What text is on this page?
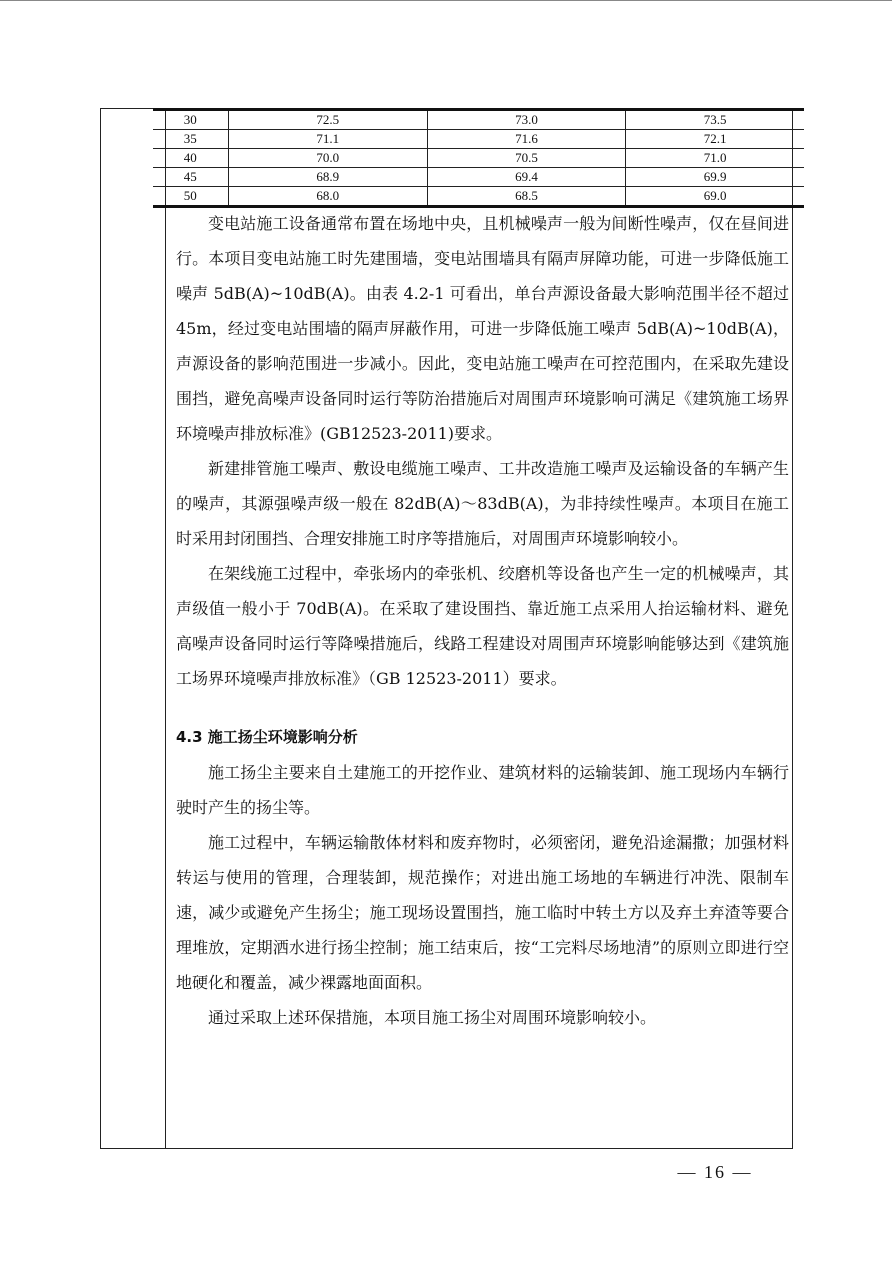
30	72.5	73.0	73.5
35	71.1	71.6	72.1
40	70.0	70.5	71.0
45	68.9	69.4	69.9
50	68.0	68.5	69.0

变电站施工设备通常布置在场地中央，且机械噪声一般为间断性噪声，仅在昼间进行。本项目变电站施工时先建围墙，变电站围墙具有隔声屏障功能，可进一步降低施工噪声 5dB(A)~10dB(A)。由表 4.2-1 可看出，单台声源设备最大影响范围半径不超过 45m，经过变电站围墙的隔声屏蔽作用，可进一步降低施工噪声 5dB(A)~10dB(A)，声源设备的影响范围进一步减小。因此，变电站施工噪声在可控范围内，在采取先建设围挡，避免高噪声设备同时运行等防治措施后对周围声环境影响可满足《建筑施工场界环境噪声排放标准》(GB12523-2011)要求。

新建排管施工噪声、敷设电缆施工噪声、工井改造施工噪声及运输设备的车辆产生的噪声，其源强噪声级一般在 82dB(A)～83dB(A)，为非持续性噪声。本项目在施工时采用封闭围挡、合理安排施工时序等措施后，对周围声环境影响较小。

在架线施工过程中，牵张场内的牵张机、绞磨机等设备也产生一定的机械噪声，其声级值一般小于 70dB(A)。在采取了建设围挡、靠近施工点采用人抬运输材料、避免高噪声设备同时运行等降噪措施后，线路工程建设对周围声环境影响能够达到《建筑施工场界环境噪声排放标准》（GB 12523-2011）要求。

4.3 施工扬尘环境影响分析

施工扬尘主要来自土建施工的开挖作业、建筑材料的运输装卸、施工现场内车辆行驶时产生的扬尘等。

施工过程中，车辆运输散体材料和废弃物时，必须密闭，避免沿途漏撒；加强材料转运与使用的管理，合理装卸，规范操作；对进出施工场地的车辆进行冲洗、限制车速，减少或避免产生扬尘；施工现场设置围挡，施工临时中转土方以及弃土弃渣等要合理堆放，定期洒水进行扬尘控制；施工结束后，按“工完料尽场地清”的原则立即进行空地硬化和覆盖，减少裸露地面面积。

通过采取上述环保措施，本项目施工扬尘对周围环境影响较小。

— 16 —
